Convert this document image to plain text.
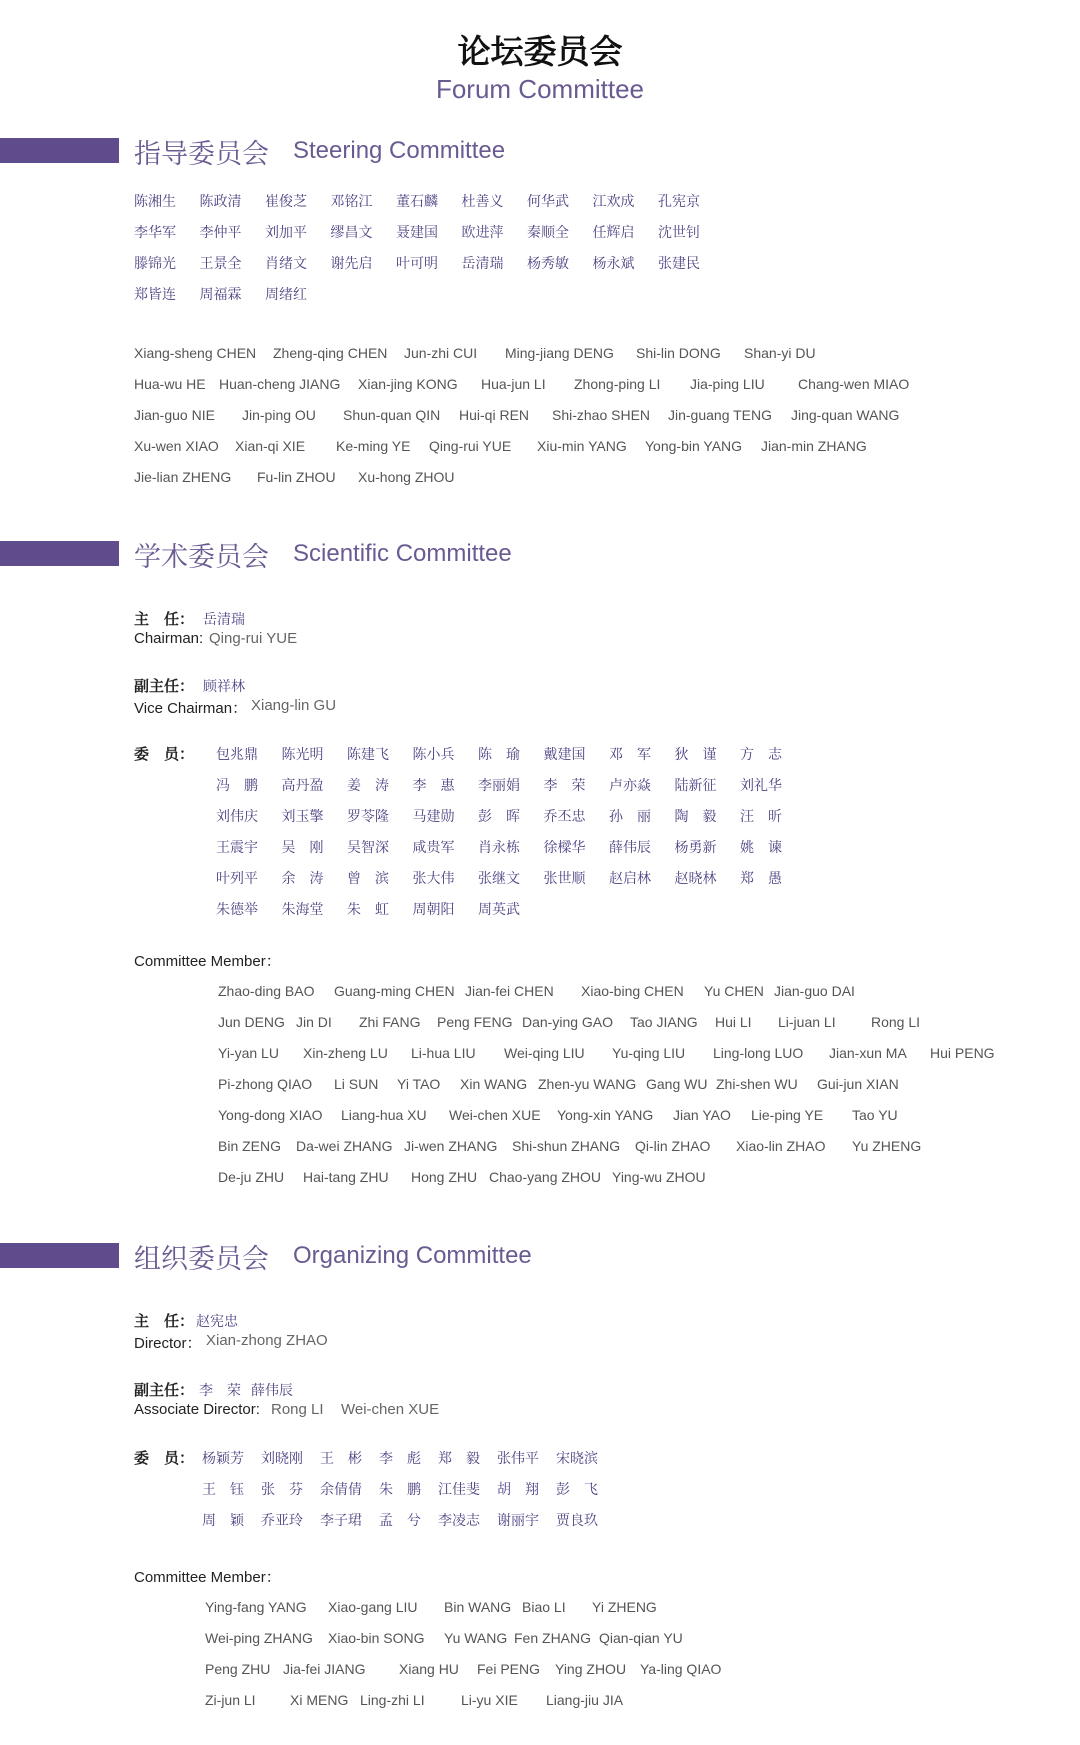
论坛委员会
Forum Committee
指导委员会 Steering Committee
陈湘生 陈政清 崔俊芝 邓铭江 董石麟 杜善义 何华武 江欢成 孔宪京
李华军 李仲平 刘加平 缪昌文 聂建国 欧进萍 秦顺全 任辉启 沈世钊
滕锦光 王景全 肖绪文 谢先启 叶可明 岳清瑞 杨秀敏 杨永斌 张建民
郑皆连 周福霖 周绪红
Xiang-sheng CHEN Zheng-qing CHEN Jun-zhi CUI Ming-jiang DENG Shi-lin DONG Shan-yi DU
Hua-wu HE Huan-cheng JIANG Xian-jing KONG Hua-jun LI Zhong-ping LI Jia-ping LIU Chang-wen MIAO
Jian-guo NIE Jin-ping OU Shun-quan QIN Hui-qi REN Shi-zhao SHEN Jin-guang TENG Jing-quan WANG
Xu-wen XIAO Xian-qi XIE Ke-ming YE Qing-rui YUE Xiu-min YANG Yong-bin YANG Jian-min ZHANG
Jie-lian ZHENG Fu-lin ZHOU Xu-hong ZHOU
学术委员会 Scientific Committee
主　任： 岳清瑞
Chairman: Qing-rui YUE
副主任： 顾祥林
Vice Chairman： Xiang-lin GU
委　员： 包兆鼎 陈光明 陈建飞 陈小兵 陈　瑜 戴建国 邓　军 狄　谨 方　志
冯　鹏 高丹盈 姜　涛 李　惠 李丽娟 李　荣 卢亦焱 陆新征 刘礼华
刘伟庆 刘玉擎 罗苓隆 马建勋 彭　晖 乔丕忠 孙　丽 陶　毅 汪　昕
王震宇 吴　刚 吴智深 咸贵军 肖永栋 徐樑华 薛伟辰 杨勇新 姚　谏
叶列平 余　涛 曾　滨 张大伟 张继文 张世顺 赵启林 赵晓林 郑　愚
朱德举 朱海堂 朱　虹 周朝阳 周英武
Committee Member：
Zhao-ding BAO Guang-ming CHEN Jian-fei CHEN Xiao-bing CHEN Yu CHEN Jian-guo DAI
Jun DENG Jin DI Zhi FANG Peng FENG Dan-ying GAO Tao JIANG Hui LI Li-juan LI	Rong LI
Yi-yan LU Xin-zheng LU Li-hua LIU Wei-qing LIU Yu-qing LIU Ling-long LUO Jian-xun MA Hui PENG
Pi-zhong QIAO Li SUN Yi TAO Xin WANG Zhen-yu WANG Gang WU Zhi-shen WU Gui-jun XIAN
Yong-dong XIAO Liang-hua XU Wei-chen XUE Yong-xin YANG Jian YAO Lie-ping YE Tao YU
Bin ZENG Da-wei ZHANG Ji-wen ZHANG Shi-shun ZHANG Qi-lin ZHAO Xiao-lin ZHAO Yu ZHENG
De-ju ZHU Hai-tang ZHU Hong ZHU Chao-yang ZHOU Ying-wu ZHOU
组织委员会 Organizing Committee
主　任： 赵宪忠
Director： Xian-zhong ZHAO
副主任： 李　荣 薛伟辰
Associate Director: Rong LI Wei-chen XUE
委　员： 杨颖芳 刘晓刚 王　彬 李　彪 郑　毅 张伟平 宋晓滨
王　钰 张　芬 余倩倩 朱　鹏 江佳斐 胡　翔 彭　飞
周　颖 乔亚玲 李子珺 孟　兮 李凌志 谢丽宇 贾良玖
Committee Member：
Ying-fang YANG Xiao-gang LIU Bin WANG Biao LI Yi ZHENG
Wei-ping ZHANG Xiao-bin SONG Yu WANG Fen ZHANG Qian-qian YU
Peng ZHU Jia-fei JIANG Xiang HU Fei PENG Ying ZHOU Ya-ling QIAO
Zi-jun LI Xi MENG Ling-zhi LI	Li-yu XIE Liang-jiu JIA
